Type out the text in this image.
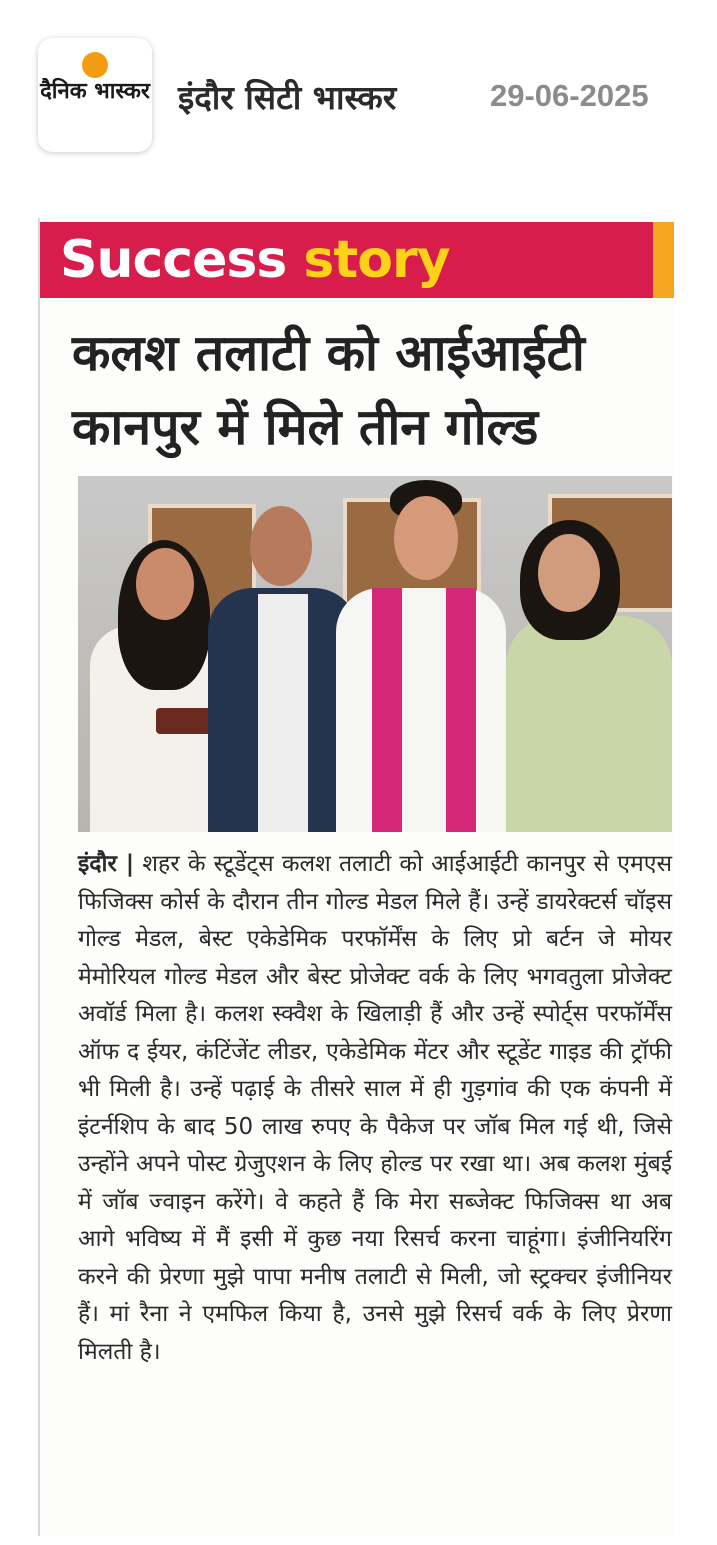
दैनिक भास्कर इंदौर सिटी भास्कर	29-06-2025
Success story
कलश तलाटी को आईआईटी कानपुर में मिले तीन गोल्ड
इंदौर | शहर के स्टूडेंट्स कलश तलाटी को आईआईटी कानपुर से एमएस फिजिक्स कोर्स के दौरान तीन गोल्ड मेडल मिले हैं। उन्हें डायरेक्टर्स चॉइस गोल्ड मेडल, बेस्ट एकेडेमिक परफॉर्मेंस के लिए प्रो बर्टन जे मोयर मेमोरियल गोल्ड मेडल और बेस्ट प्रोजेक्ट वर्क के लिए भगवतुला प्रोजेक्ट अवॉर्ड मिला है। कलश स्क्वैश के खिलाड़ी हैं और उन्हें स्पोर्ट्स परफॉर्मेंस ऑफ द ईयर, कंटिंजेंट लीडर, एकेडेमिक मेंटर और स्टूडेंट गाइड की ट्रॉफी भी मिली है। उन्हें पढ़ाई के तीसरे साल में ही गुड़गांव की एक कंपनी में इंटर्नशिप के बाद 50 लाख रुपए के पैकेज पर जॉब मिल गई थी, जिसे उन्होंने अपने पोस्ट ग्रेजुएशन के लिए होल्ड पर रखा था। अब कलश मुंबई में जॉब ज्वाइन करेंगे। वे कहते हैं कि मेरा सब्जेक्ट फिजिक्स था अब आगे भविष्य में मैं इसी में कुछ नया रिसर्च करना चाहूंगा। इंजीनियरिंग करने की प्रेरणा मुझे पापा मनीष तलाटी से मिली, जो स्ट्रक्चर इंजीनियर हैं। मां रैना ने एमफिल किया है, उनसे मुझे रिसर्च वर्क के लिए प्रेरणा मिलती है।
